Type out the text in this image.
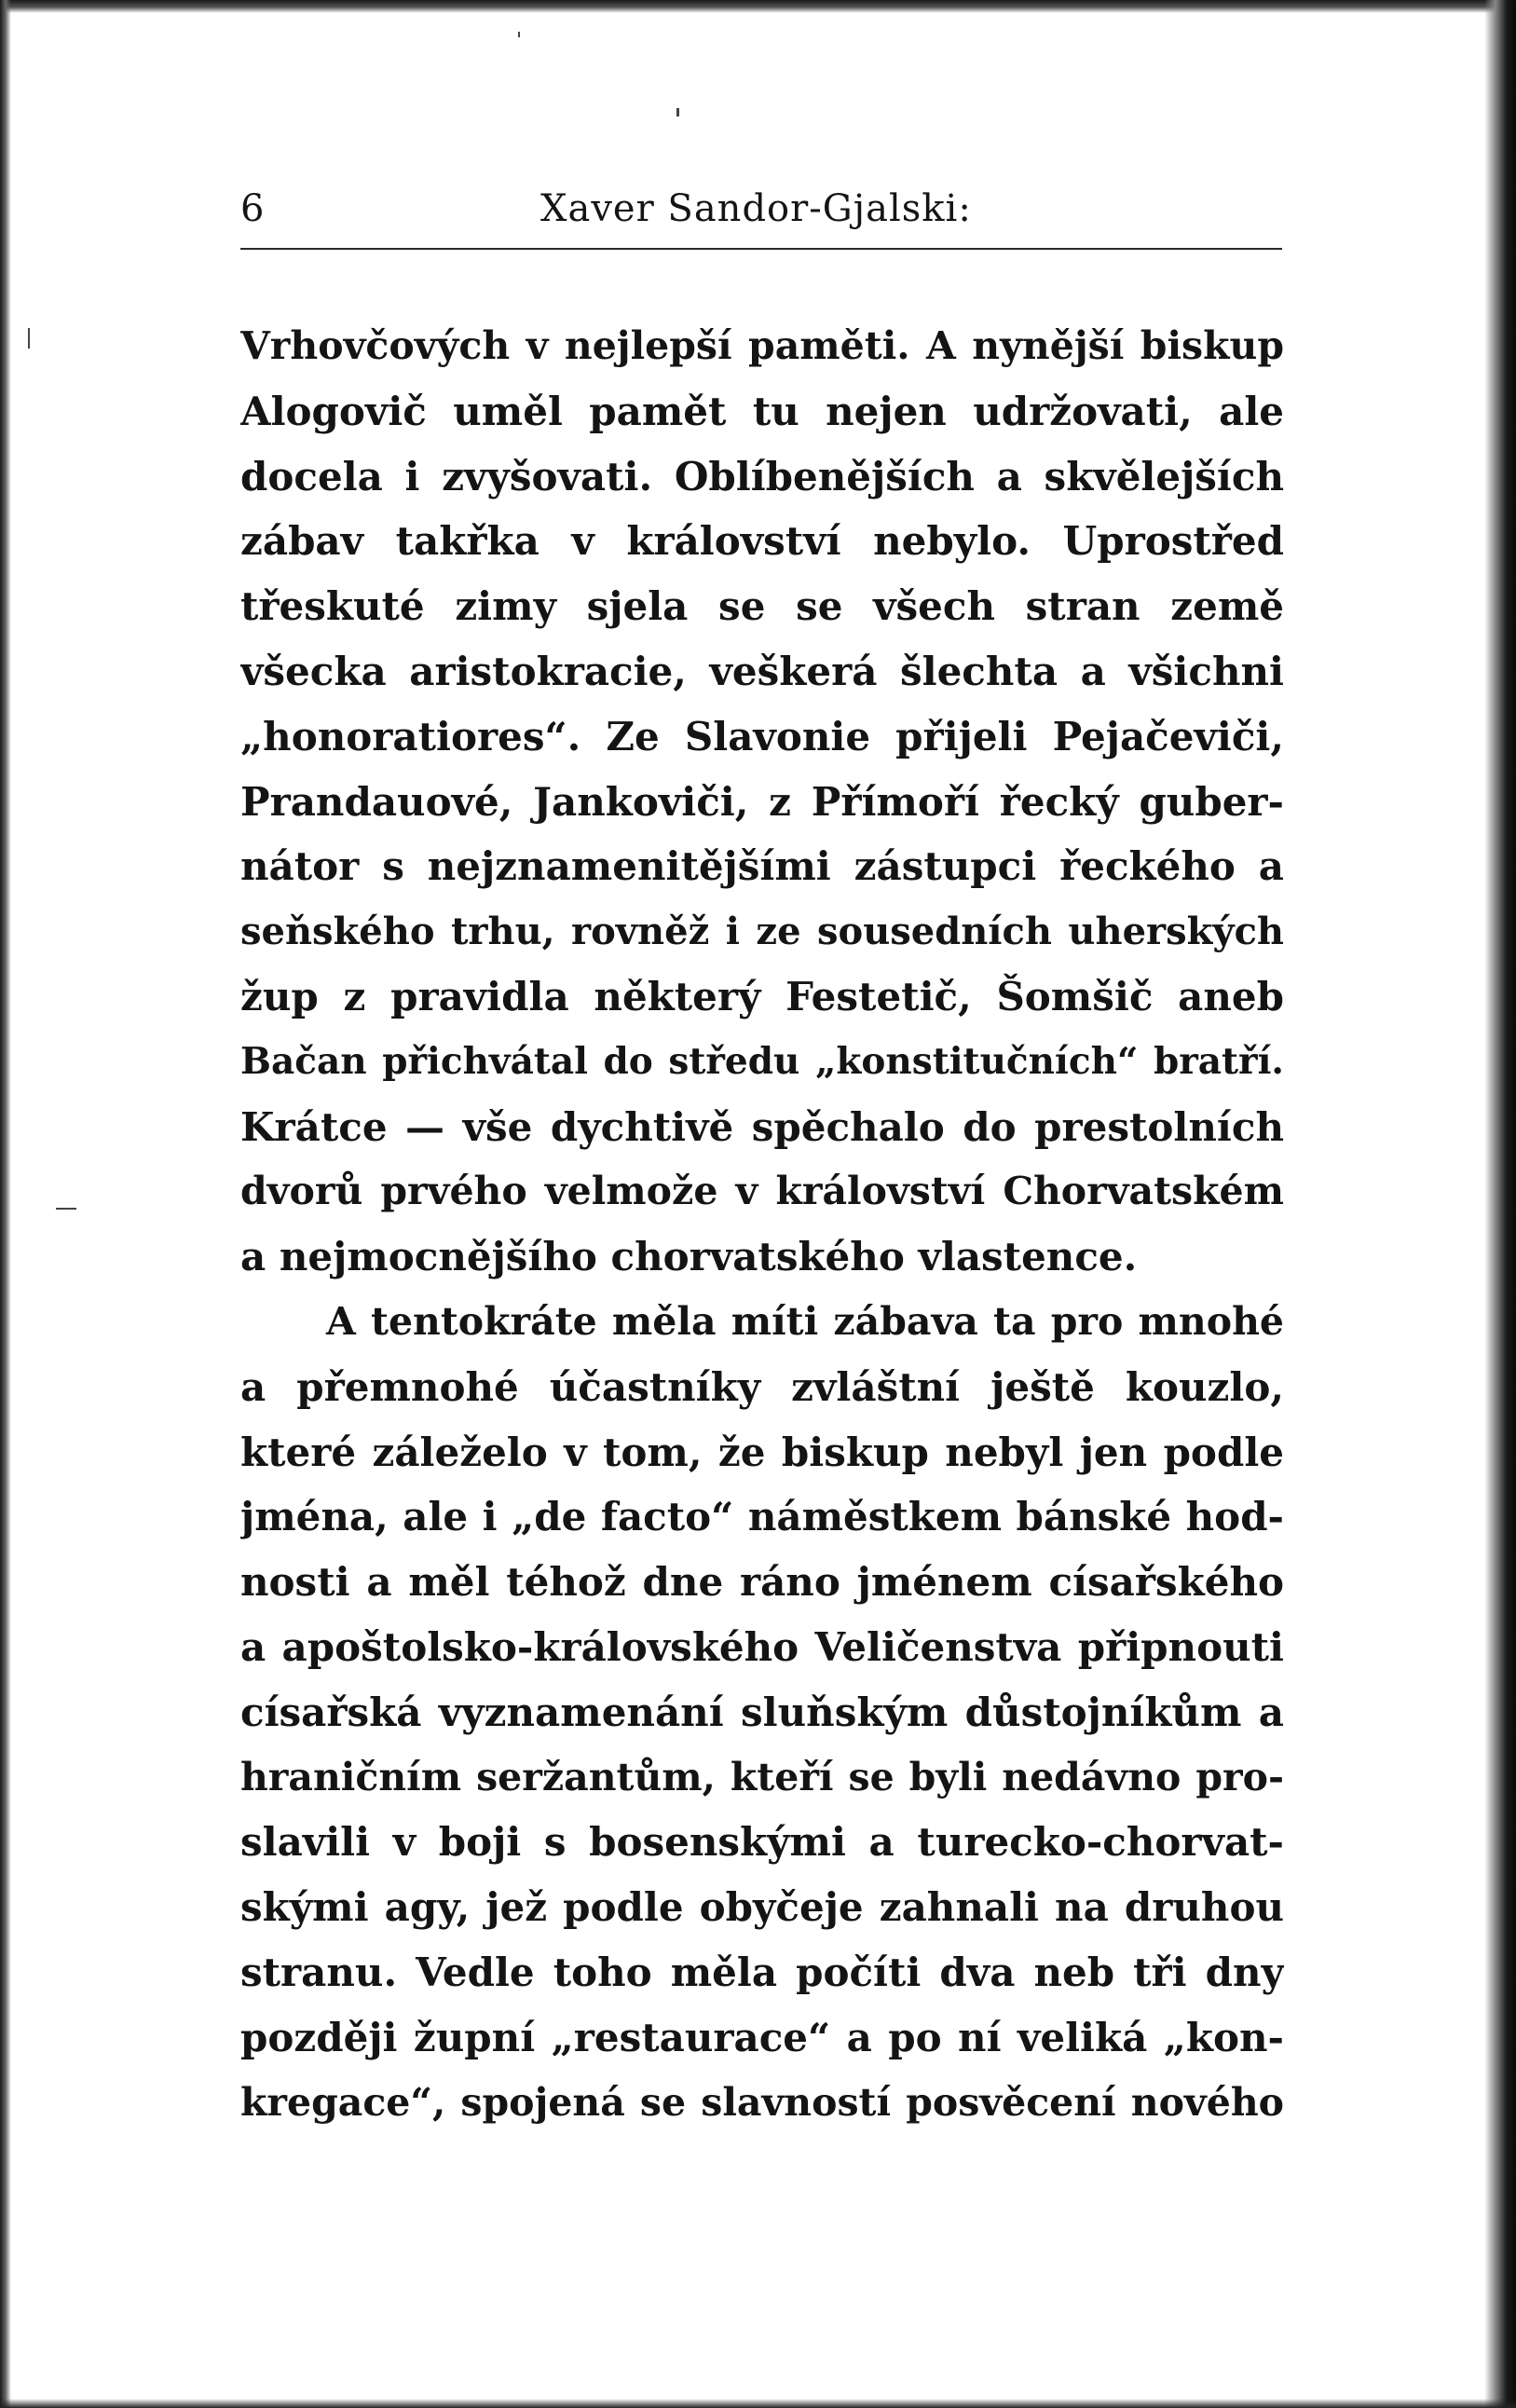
6	Xaver Sandor-Gjalski:
Vrhovčových v nejlepší paměti. A nynější biskup
Alogovič uměl pamět tu nejen udržovati, ale
docela i zvyšovati. Oblíbenějších a skvělejších
zábav takřka v království nebylo. Uprostřed
třeskuté zimy sjela se se všech stran země
všecka aristokracie, veškerá šlechta a všichni
„honoratiores“. Ze Slavonie přijeli Pejačeviči,
Prandauové, Jankoviči, z Přímoří řecký guber-
nátor s nejznamenitějšími zástupci řeckého a
seňského trhu, rovněž i ze sousedních uherských
žup z pravidla některý Festetič, Šomšič aneb
Bačan přichvátal do středu „konstitučních“ bratří.
Krátce — vše dychtivě spěchalo do prestolních
dvorů prvého velmože v království Chorvatském
a nejmocnějšího chorvatského vlastence.
A tentokráte měla míti zábava ta pro mnohé
a přemnohé účastníky zvláštní ještě kouzlo,
které záleželo v tom, že biskup nebyl jen podle
jména, ale i „de facto“ náměstkem bánské hod-
nosti a měl téhož dne ráno jménem císařského
a apoštolsko-královského Veličenstva připnouti
císařská vyznamenání sluňským důstojníkům a
hraničním seržantům, kteří se byli nedávno pro-
slavili v boji s bosenskými a turecko-chorvat-
skými agy, jež podle obyčeje zahnali na druhou
stranu. Vedle toho měla počíti dva neb tři dny
později župní „restaurace“ a po ní veliká „kon-
kregace“, spojená se slavností posvěcení nového
